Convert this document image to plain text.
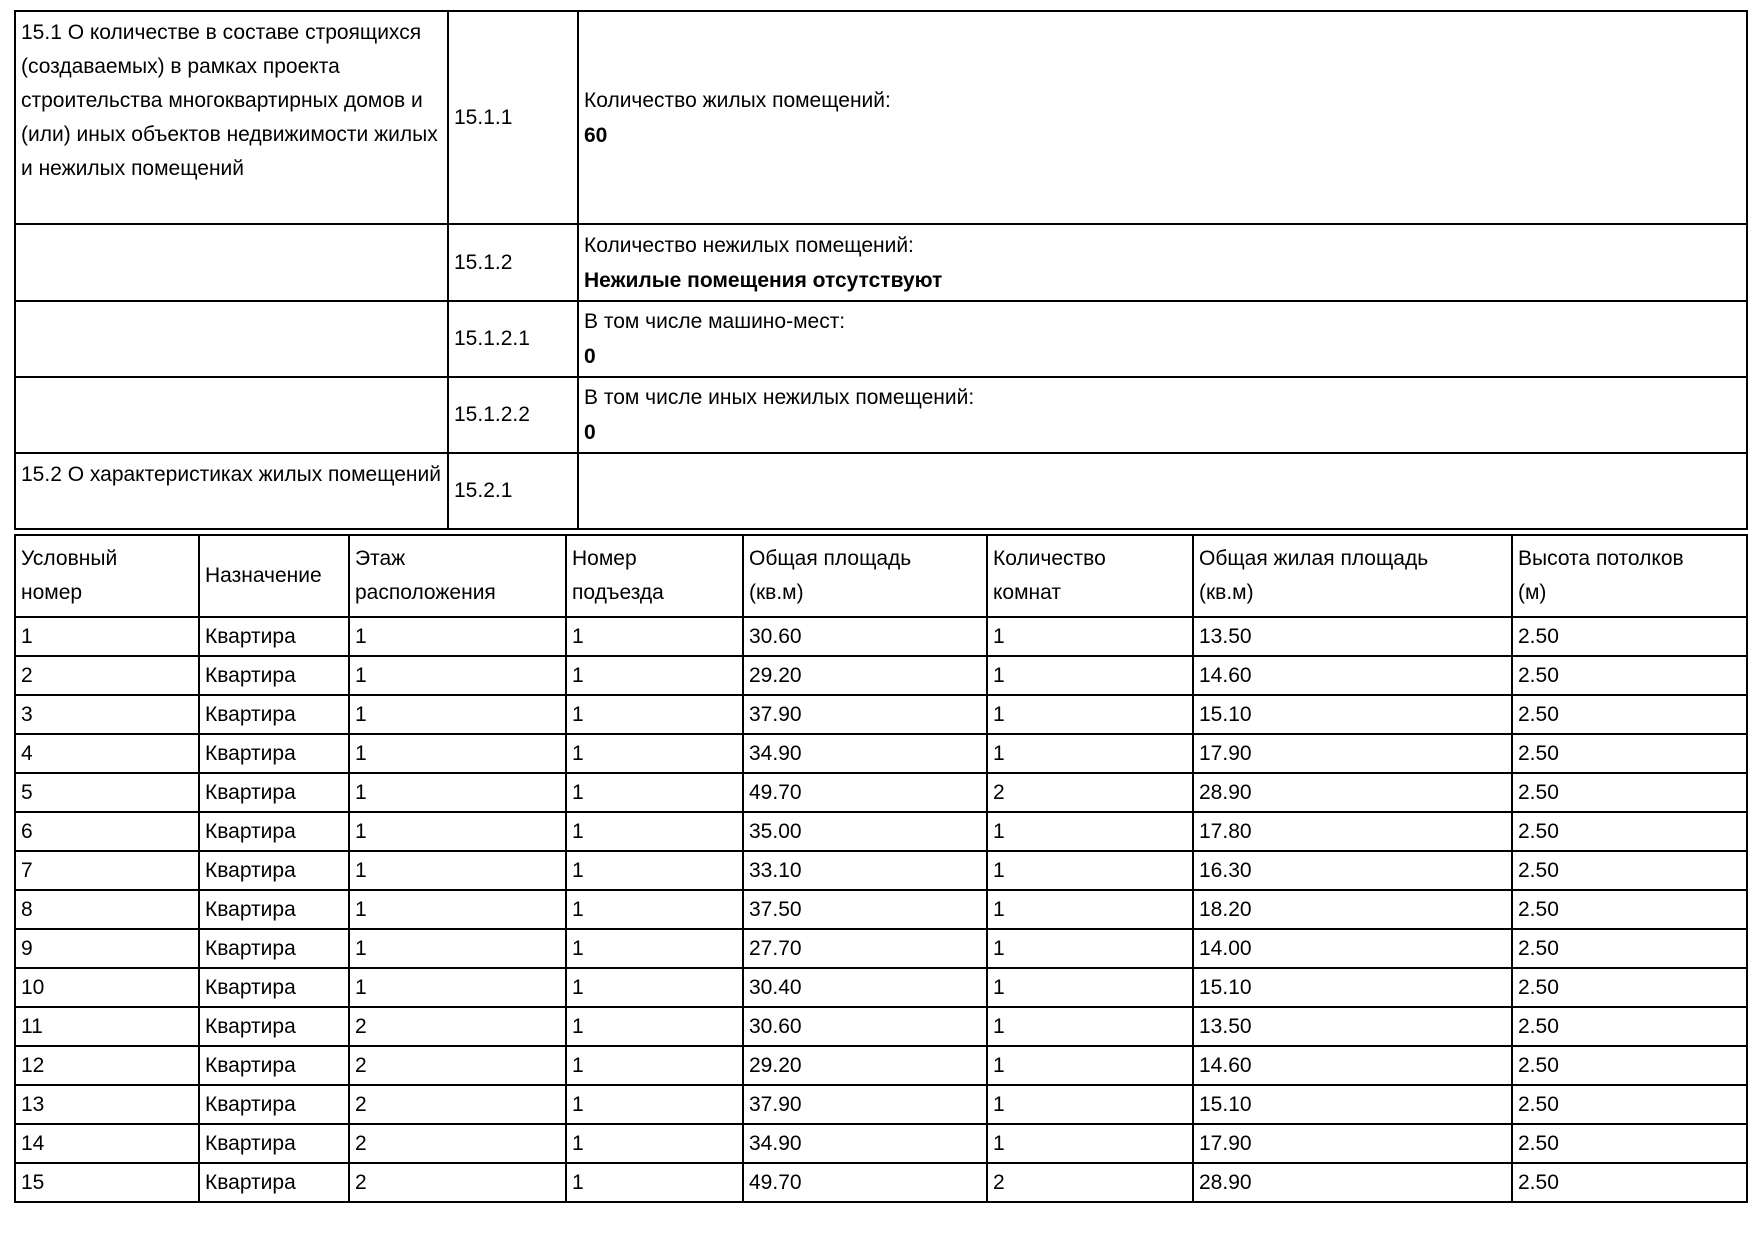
15.1 О количестве в составе строящихся (создаваемых) в рамках проекта строительства многоквартирных домов и (или) иных объектов недвижимости жилых и нежилых помещений	15.1.1	Количество жилых помещений:
60

	15.1.2	Количество нежилых помещений:
Нежилые помещения отсутствуют

	15.1.2.1	В том числе машино-мест:
0

	15.1.2.2	В том числе иных нежилых помещений:
0

15.2 О характеристиках жилых помещений	15.2.1	
Условный номер	Назначение	Этаж расположения	Номер подъезда	Общая площадь (кв.м)	Количество комнат	Общая жилая площадь (кв.м)	Высота потолков (м)

1	Квартира	1	1	30.60	1	13.50	2.50
2	Квартира	1	1	29.20	1	14.60	2.50
3	Квартира	1	1	37.90	1	15.10	2.50
4	Квартира	1	1	34.90	1	17.90	2.50
5	Квартира	1	1	49.70	2	28.90	2.50
6	Квартира	1	1	35.00	1	17.80	2.50
7	Квартира	1	1	33.10	1	16.30	2.50
8	Квартира	1	1	37.50	1	18.20	2.50
9	Квартира	1	1	27.70	1	14.00	2.50
10	Квартира	1	1	30.40	1	15.10	2.50
11	Квартира	2	1	30.60	1	13.50	2.50
12	Квартира	2	1	29.20	1	14.60	2.50
13	Квартира	2	1	37.90	1	15.10	2.50
14	Квартира	2	1	34.90	1	17.90	2.50
15	Квартира	2	1	49.70	2	28.90	2.50
